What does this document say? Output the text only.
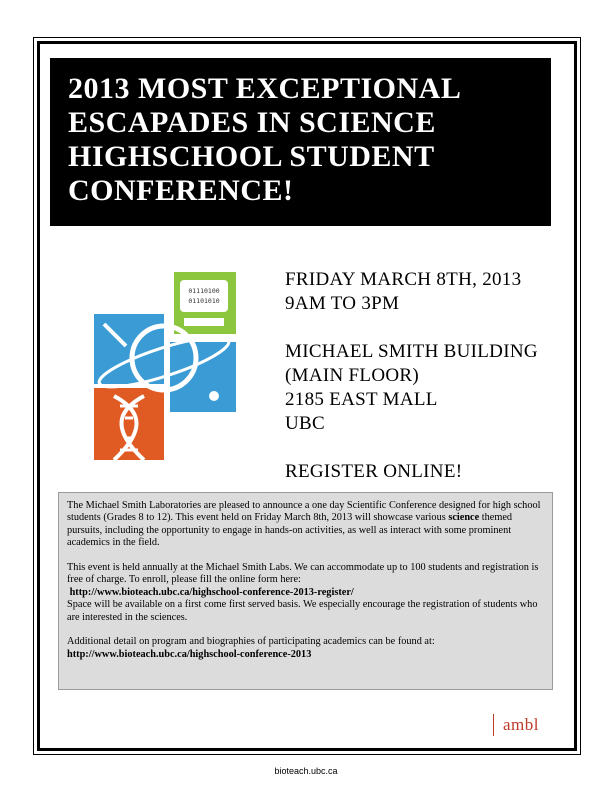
2013 MOST EXCEPTIONAL
ESCAPADES IN SCIENCE
HIGHSCHOOL STUDENT
CONFERENCE!
01110100
01101010
FRIDAY MARCH 8TH, 2013
9AM TO 3PM
MICHAEL SMITH BUILDING
(MAIN FLOOR)
2185 EAST MALL
UBC
REGISTER ONLINE!

The Michael Smith Laboratories are pleased to announce a one day Scientific Conference designed for high school students (Grades 8 to 12). This event held on Friday March 8th, 2013 will showcase various science themed pursuits, including the opportunity to engage in hands-on activities, as well as interact with some prominent academics in the field.

This event is held annually at the Michael Smith Labs. We can accommodate up to 100 students and registration is free of charge. To enroll, please fill the online form here:
http://www.bioteach.ubc.ca/highschool-conference-2013-register/
Space will be available on a first come first served basis. We especially encourage the registration of students who are interested in the sciences.

Additional detail on program and biographies of participating academics can be found at:
http://www.bioteach.ubc.ca/highschool-conference-2013

ambl
bioteach.ubc.ca
